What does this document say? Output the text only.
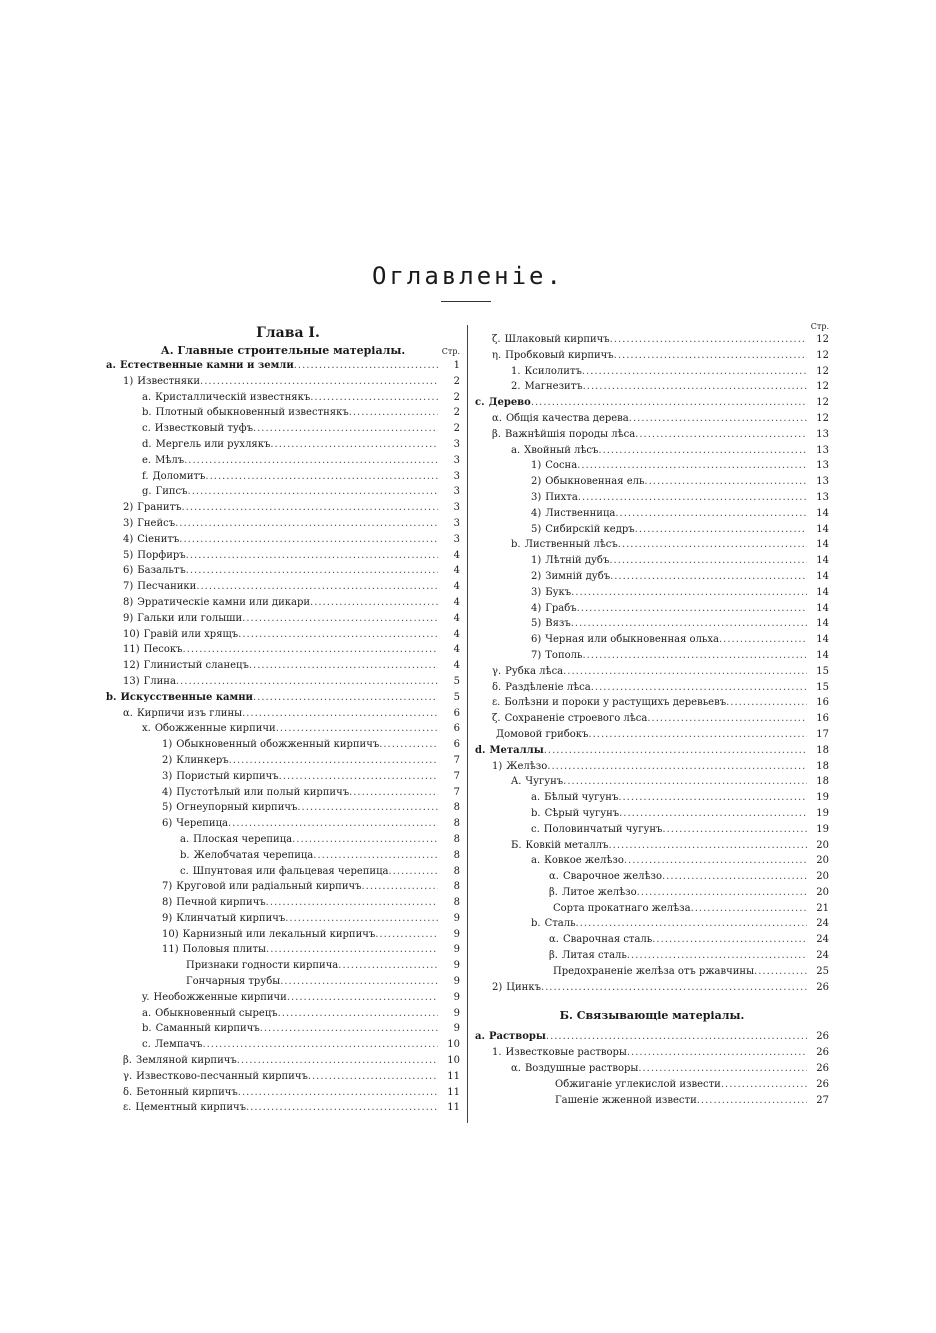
Оглавленіе.
Глава I.
А. Главные строительные матеріалы.	Стр.
a. Естественные камни и земли .....	1
1) Известняки .....	2
a. Кристаллическій известнякъ .....	2
b. Плотный обыкновенный известнякъ .....	2
c. Известковый туфъ .....	2
d. Мергель или рухлякъ .....	3
e. Мѣлъ .....	3
f. Доломитъ .....	3
g. Гипсъ .....	3
2) Гранитъ .....	3
3) Гнейсъ .....	3
4) Сіенитъ .....	3
5) Порфиръ .....	4
6) Базальтъ .....	4
7) Песчаники .....	4
8) Эрратическіе камни или дикари .....	4
9) Гальки или голыши .....	4
10) Гравій или хрящъ .....	4
11) Песокъ .....	4
12) Глинистый сланецъ .....	4
13) Глина .....	5
b. Искусственные камни .....	5
α. Кирпичи изъ глины .....	6
x. Обожженные кирпичи .....	6
1) Обыкновенный обожженный кирпичъ .....	6
2) Клинкеръ .....	7
3) Пористый кирпичъ .....	7
4) Пустотѣлый или полый кирпичъ .....	7
5) Огнеупорный кирпичъ .....	8
6) Черепица .....	8
a. Плоская черепица .....	8
b. Желобчатая черепица .....	8
c. Шпунтовая или фальцевая черепица .....	8
7) Круговой или радіальный кирпичъ .....	8
8) Печной кирпичъ .....	8
9) Клинчатый кирпичъ .....	9
10) Карнизный или лекальный кирпичъ .....	9
11) Половыя плиты .....	9
Признаки годности кирпича .....	9
Гончарныя трубы .....	9
y. Необожженные кирпичи .....	9
a. Обыкновенный сырецъ .....	9
b. Саманный кирпичъ .....	9
c. Лемпачъ .....	10
β. Земляной кирпичъ .....	10
γ. Известково-песчанный кирпичъ .....	11
δ. Бетонный кирпичъ .....	11
ε. Цементный кирпичъ .....	11
Стр.
ζ. Шлаковый кирпичъ .....	12
η. Пробковый кирпичъ .....	12
1. Ксилолитъ .....	12
2. Магнезитъ .....	12
c. Дерево .....	12
α. Общія качества дерева .....	12
β. Важнѣйшія породы лѣса .....	13
a. Хвойный лѣсъ .....	13
1) Сосна .....	13
2) Обыкновенная ель .....	13
3) Пихта .....	13
4) Лиственница .....	14
5) Сибирскій кедръ .....	14
b. Лиственный лѣсъ .....	14
1) Лѣтній дубъ .....	14
2) Зимній дубъ .....	14
3) Букъ .....	14
4) Грабъ .....	14
5) Вязъ .....	14
6) Черная или обыкновенная ольха .....	14
7) Тополь .....	14
γ. Рубка лѣса .....	15
δ. Раздѣленіе лѣса .....	15
ε. Болѣзни и пороки у растущихъ деревьевъ .....	16
ζ. Сохраненіе строевого лѣса .....	16
Домовой грибокъ .....	17
d. Металлы .....	18
1) Желѣзо .....	18
A. Чугунъ .....	18
a. Бѣлый чугунъ .....	19
b. Сѣрый чугунъ .....	19
c. Половинчатый чугунъ .....	19
Б. Ковкій металлъ .....	20
a. Ковкое желѣзо .....	20
α. Сварочное желѣзо .....	20
β. Литое желѣзо .....	20
Сорта прокатнаго желѣза .....	21
b. Сталь .....	24
α. Сварочная сталь .....	24
β. Литая сталь .....	24
Предохраненіе желѣза отъ ржавчины .....	25
2) Цинкъ .....	26
Б. Связывающіе матеріалы.
a. Растворы .....	26
1. Известковые растворы .....	26
α. Воздушные растворы .....	26
Обжиганіе углекислой извести .....	26
Гашеніе жженной извести .....	27
